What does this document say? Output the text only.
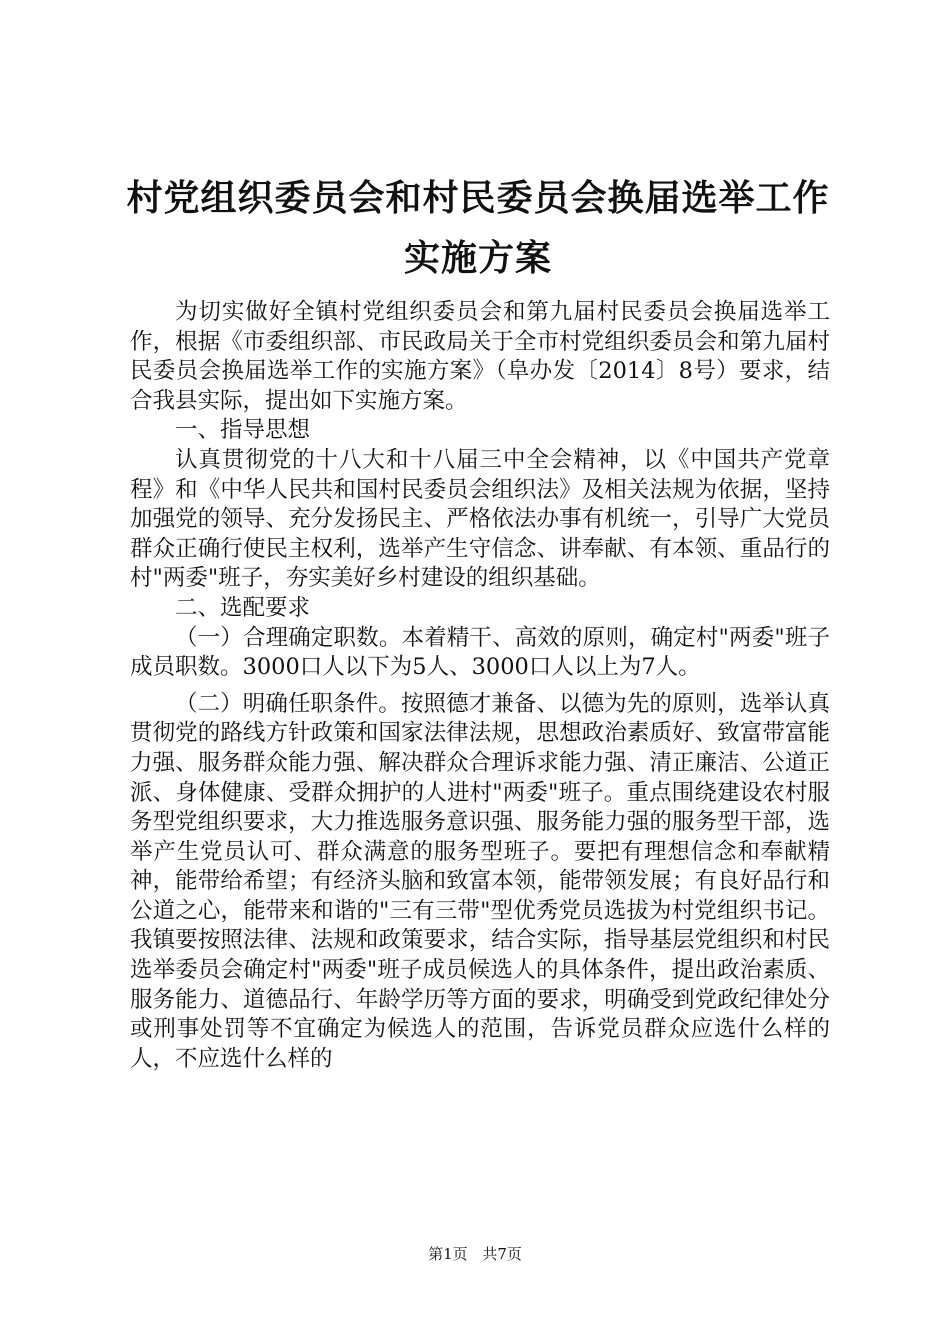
村党组织委员会和村民委员会换届选举工作实施方案

为切实做好全镇村党组织委员会和第九届村民委员会换届选举工作，根据《市委组织部、市民政局关于全市村党组织委员会和第九届村民委员会换届选举工作的实施方案》（阜办发〔2014〕8号）要求，结合我县实际，提出如下实施方案。

一、指导思想

认真贯彻党的十八大和十八届三中全会精神，以《中国共产党章程》和《中华人民共和国村民委员会组织法》及相关法规为依据，坚持加强党的领导、充分发扬民主、严格依法办事有机统一，引导广大党员群众正确行使民主权利，选举产生守信念、讲奉献、有本领、重品行的村"两委"班子，夯实美好乡村建设的组织基础。

二、选配要求

（一）合理确定职数。本着精干、高效的原则，确定村"两委"班子成员职数。3000口人以下为5人、3000口人以上为7人。

（二）明确任职条件。按照德才兼备、以德为先的原则，选举认真贯彻党的路线方针政策和国家法律法规，思想政治素质好、致富带富能力强、服务群众能力强、解决群众合理诉求能力强、清正廉洁、公道正派、身体健康、受群众拥护的人进村"两委"班子。重点围绕建设农村服务型党组织要求，大力推选服务意识强、服务能力强的服务型干部，选举产生党员认可、群众满意的服务型班子。要把有理想信念和奉献精神，能带给希望；有经济头脑和致富本领，能带领发展；有良好品行和公道之心，能带来和谐的"三有三带"型优秀党员选拔为村党组织书记。我镇要按照法律、法规和政策要求，结合实际，指导基层党组织和村民选举委员会确定村"两委"班子成员候选人的具体条件，提出政治素质、服务能力、道德品行、年龄学历等方面的要求，明确受到党政纪律处分或刑事处罚等不宜确定为候选人的范围，告诉党员群众应选什么样的人，不应选什么样的

第1页 共7页
